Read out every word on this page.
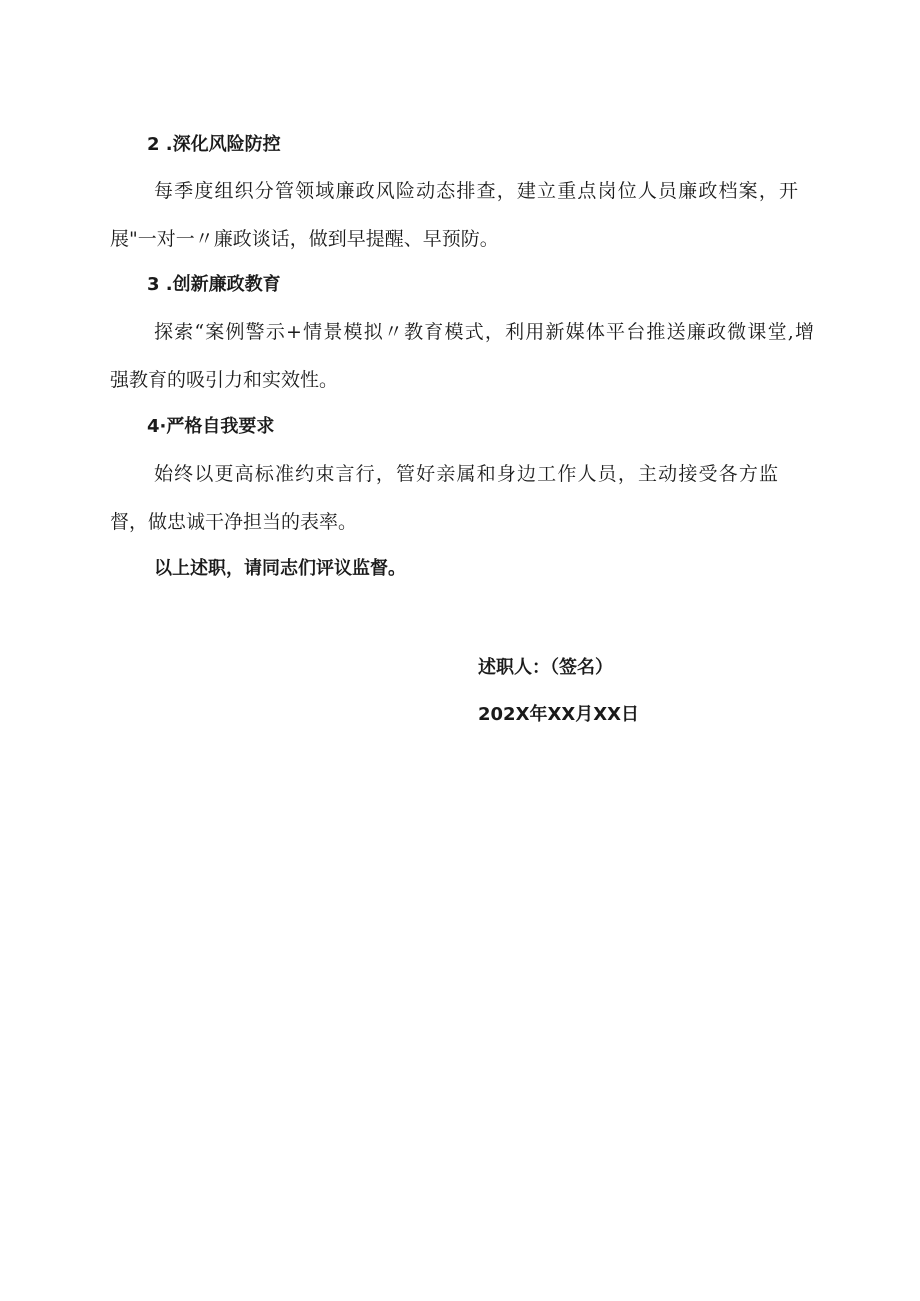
2 .深化风险防控
每季度组织分管领域廉政风险动态排查，建立重点岗位人员廉政档案，开
展"一对一〃廉政谈话，做到早提醒、早预防。
3 .创新廉政教育
探索“案例警示+情景模拟〃教育模式，利用新媒体平台推送廉政微课堂,增
强教育的吸引力和实效性。
4·严格自我要求
始终以更高标准约束言行，管好亲属和身边工作人员，主动接受各方监
督，做忠诚干净担当的表率。
以上述职，请同志们评议监督。
述职人：（签名）
202X年XX月XX日
